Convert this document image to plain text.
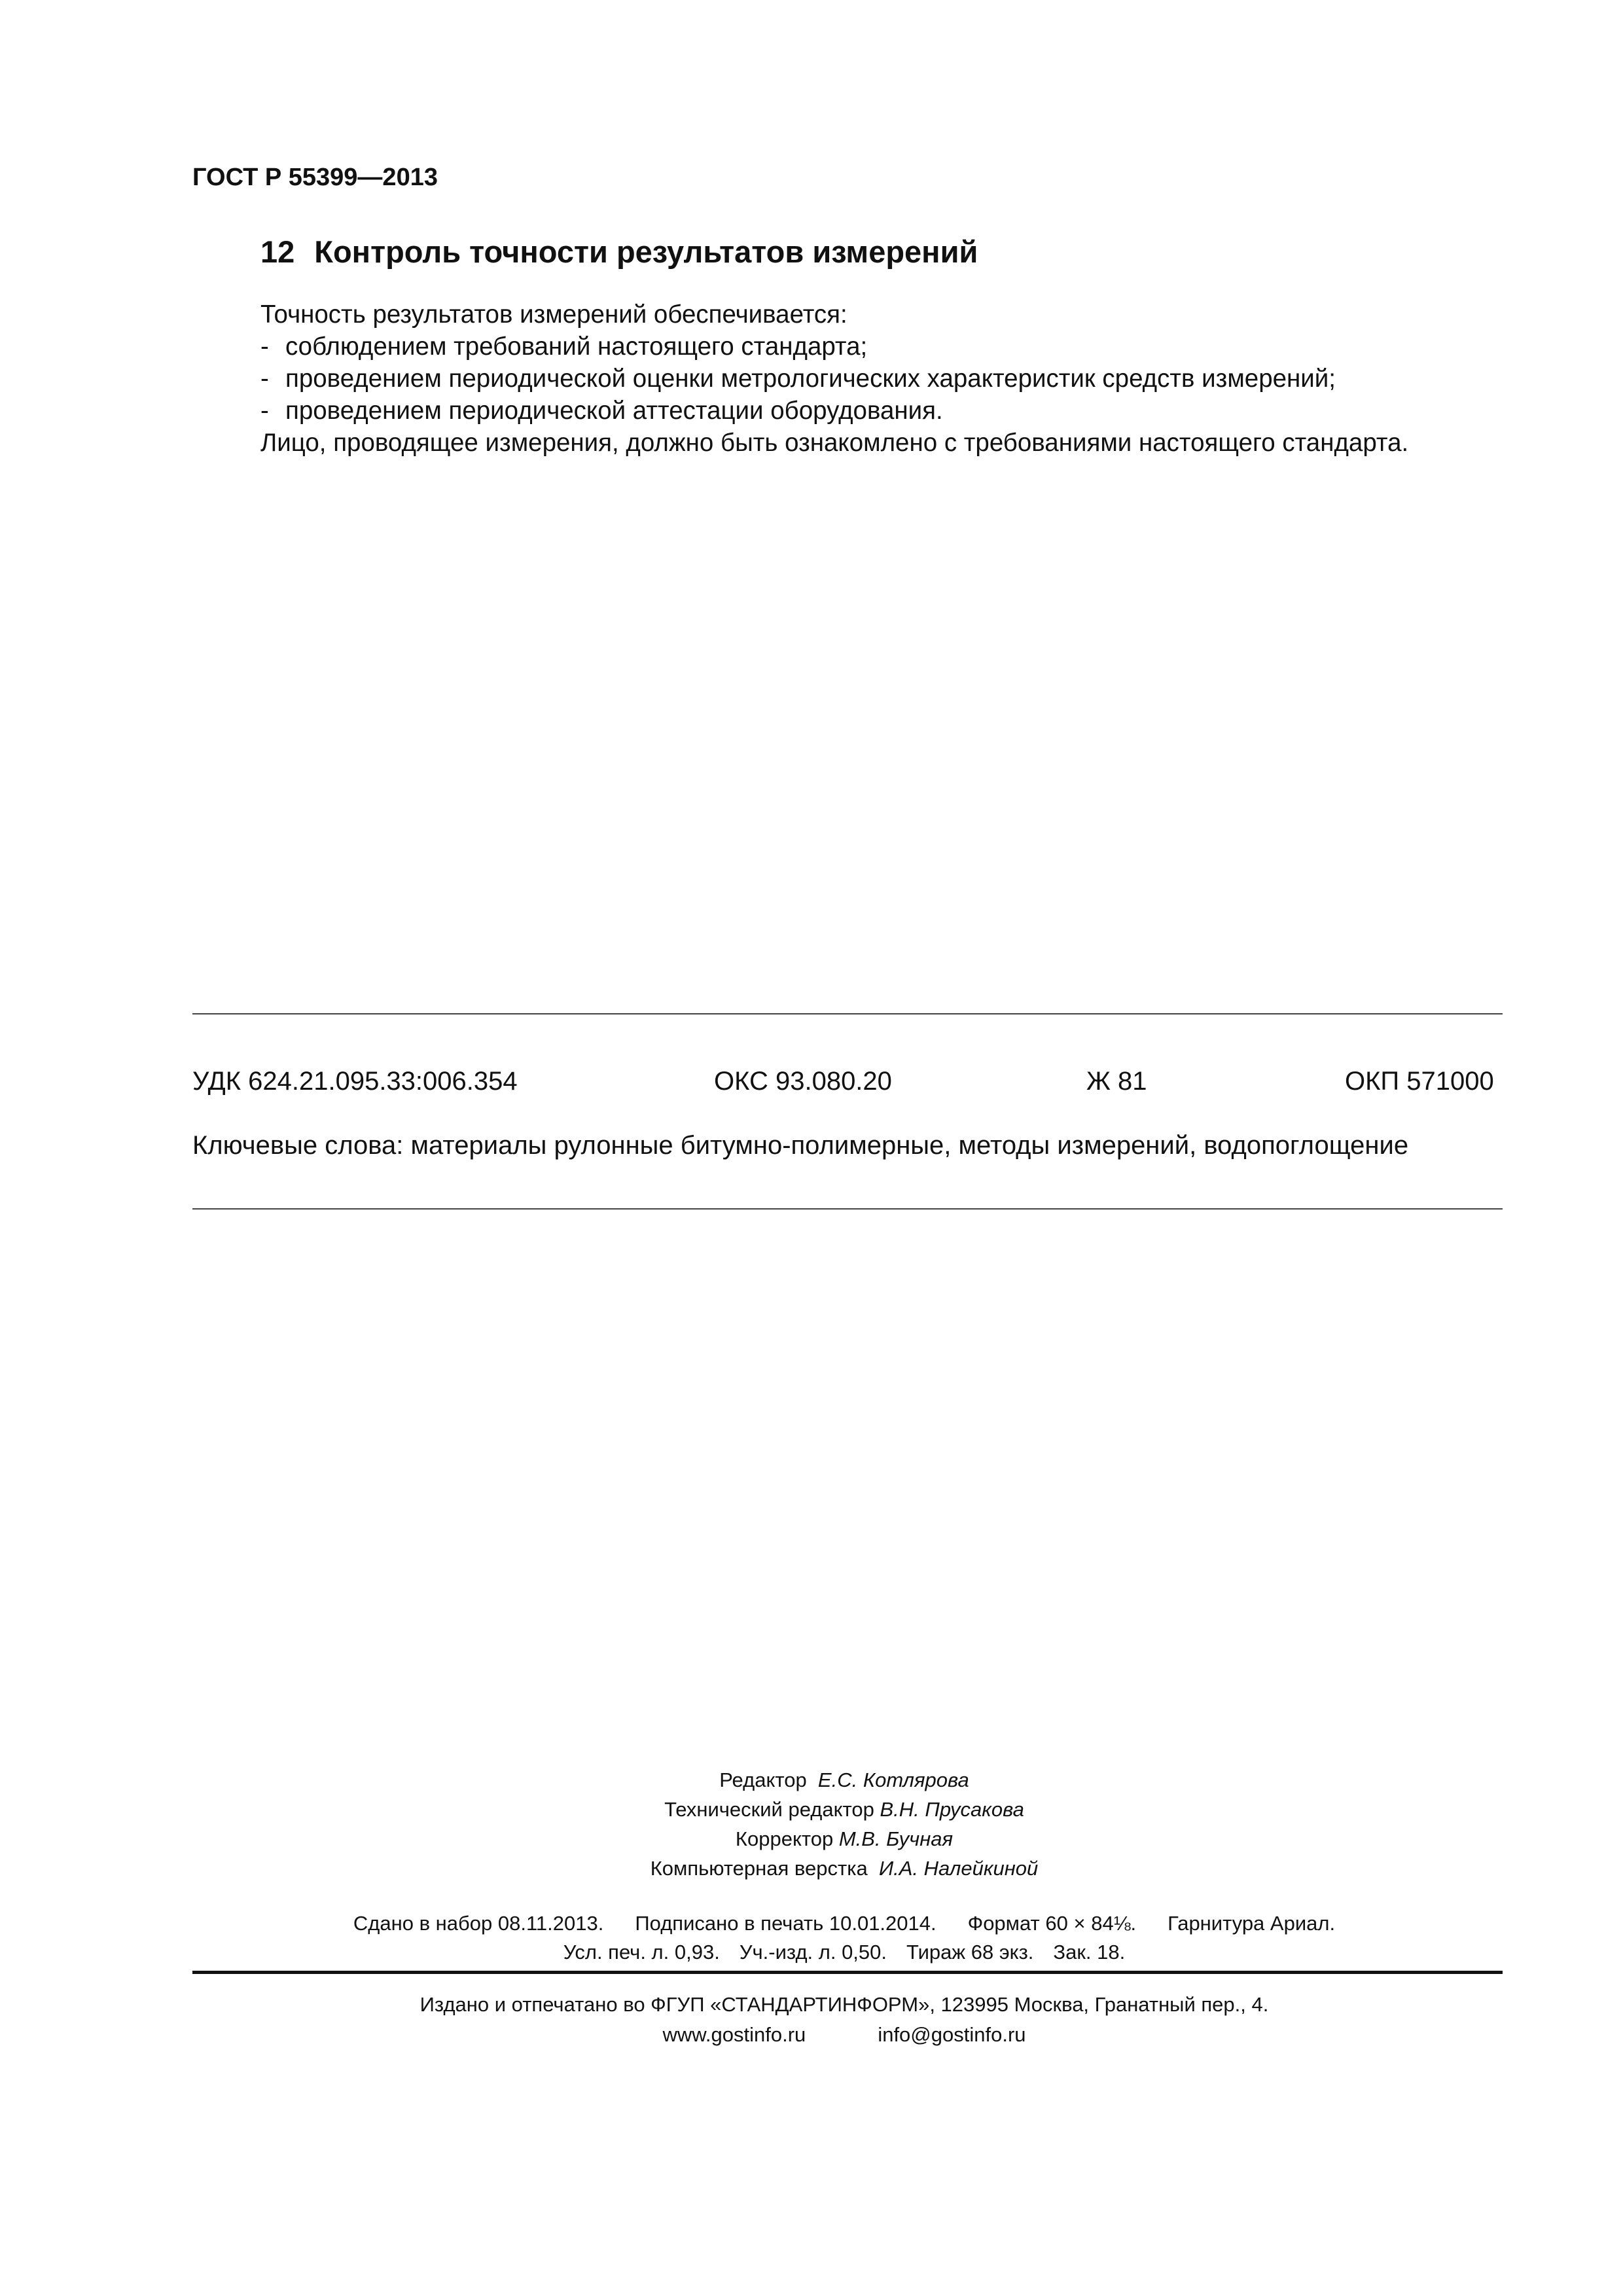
ГОСТ Р 55399—2013
12 Контроль точности результатов измерений

Точность результатов измерений обеспечивается:

- соблюдением требований настоящего стандарта;

- проведением периодической оценки метрологических характеристик средств измерений;

- проведением периодической аттестации оборудования.

Лицо, проводящее измерения, должно быть ознакомлено с требованиями настоящего стандарта.

УДК 624.21.095.33:006.354	ОКС 93.080.20	Ж 81	ОКП 571000
Ключевые слова: материалы рулонные битумно-полимерные, методы измерений, водопоглощение
Редактор Е.С. Котлярова
Технический редактор В.Н. Прусакова
Корректор М.В. Бучная
Компьютерная верстка И.А. Налейкиной
Сдано в набор 08.11.2013. Подписано в печать 10.01.2014. Формат 60 × 84⅛. Гарнитура Ариал.
Усл. печ. л. 0,93. Уч.-изд. л. 0,50. Тираж 68 экз. Зак. 18.
Издано и отпечатано во ФГУП «СТАНДАРТИНФОРМ», 123995 Москва, Гранатный пер., 4.
www.gostinfo.ru	info@gostinfo.ru
